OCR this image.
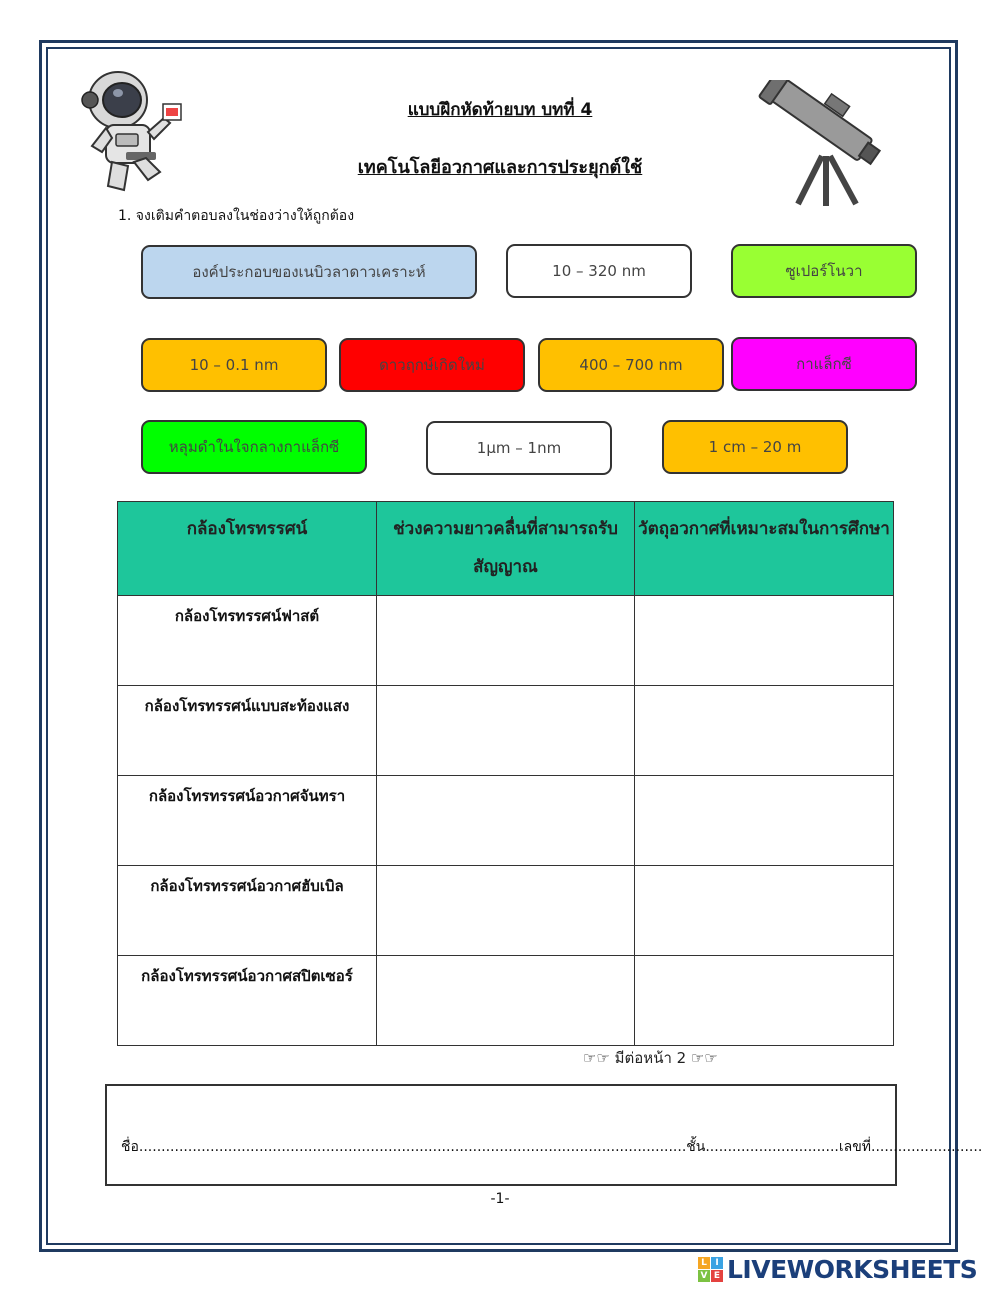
แบบฝึกหัดท้ายบท บทที่ 4
เทคโนโลยีอวกาศและการประยุกต์ใช้
1. จงเติมคำตอบลงในช่องว่างให้ถูกต้อง
องค์ประกอบของเนบิวลาดาวเคราะห์	10 – 320 nm	ซูเปอร์โนวา
10 – 0.1 nm	ดาวฤกษ์เกิดใหม่	400 – 700 nm	กาแล็กซี
หลุมดำในใจกลางกาแล็กซี	1µm – 1nm	1 cm – 20 m
กล้องโทรทรรศน์	ช่วงความยาวคลื่นที่สามารถรับสัญญาณ	วัตถุอวกาศที่เหมาะสมในการศึกษา
กล้องโทรทรรศน์ฟาสต์		
กล้องโทรทรรศน์แบบสะท้องแสง		
กล้องโทรทรรศน์อวกาศจันทรา		
กล้องโทรทรรศน์อวกาศฮับเบิล		
กล้องโทรทรรศน์อวกาศสปิตเซอร์		
☞☞ มีต่อหน้า 2 ☞☞
ชื่อ...........................................................................................................................ชั้น..............................เลขที่.........................
-1-
L I
V E LIVEWORKSHEETS
